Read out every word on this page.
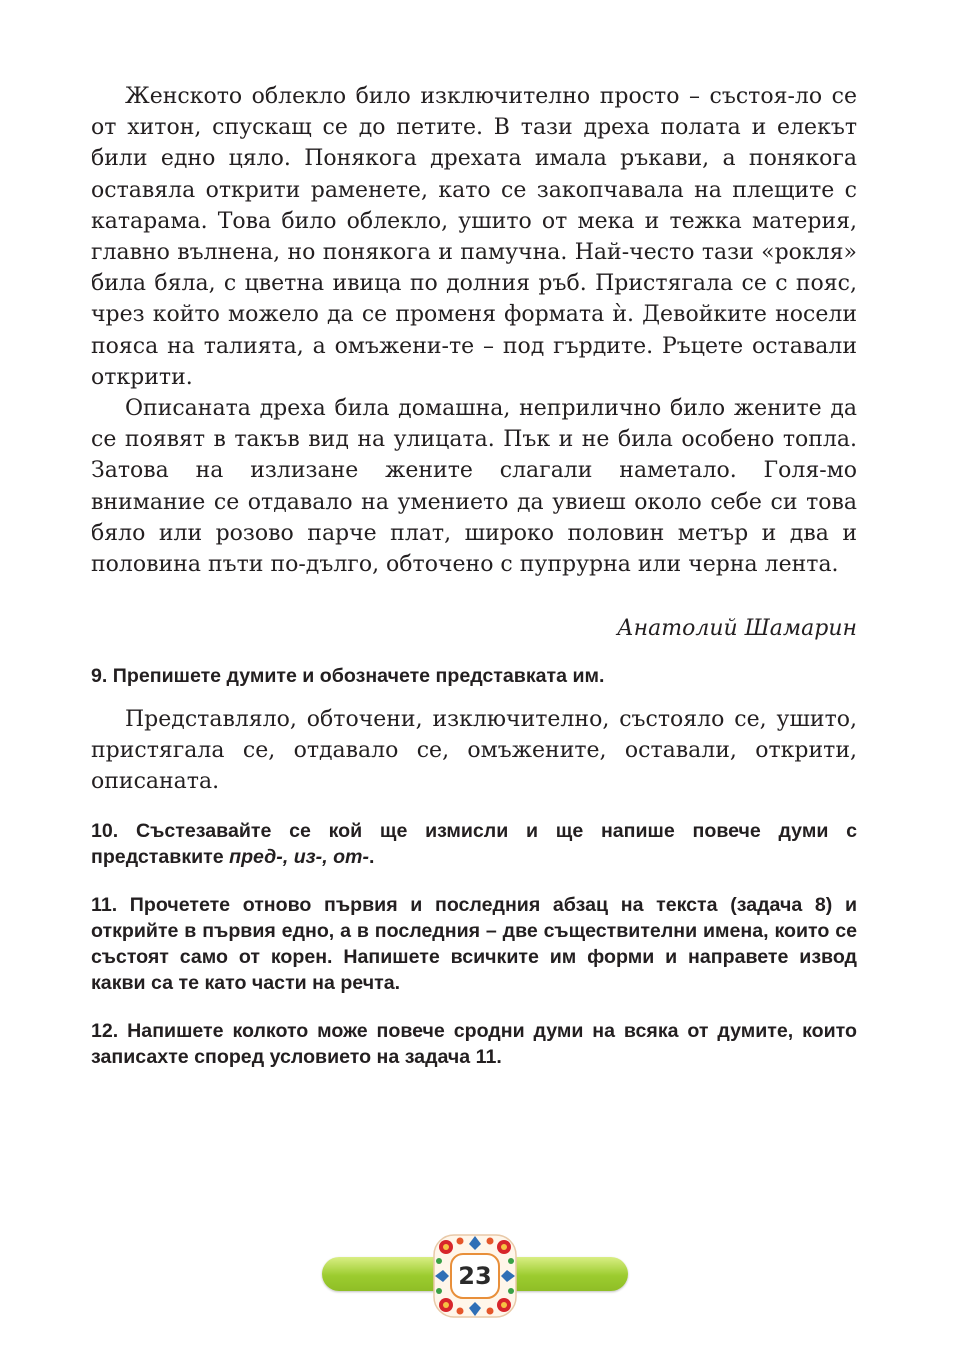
Женското облекло било изключително просто – състоя-ло се от хитон, спускащ се до петите. В тази дреха полата и елекът били едно цяло. Понякога дрехата имала ръкави, а понякога оставяла открити раменете, като се закопчавала на плещите с катарама. Това било облекло, ушито от мека и тежка материя, главно вълнена, но понякога и памучна. Най-често тази «рокля» била бяла, с цветна ивица по долния ръб. Пристягала се с пояс, чрез който можело да се променя формата ѝ. Девойките носели пояса на талията, а омъжени-те – под гърдите. Ръцете оставали открити.

Описаната дреха била домашна, неприлично било жените да се появят в такъв вид на улицата. Пък и не била особено топла. Затова на излизане жените слагали наметало. Голя-мо внимание се отдавало на умението да увиеш около себе си това бяло или розово парче плат, широко половин метър и два и половина пъти по-дълго, обточено с пупрурна или черна лента.

Анатолий Шамарин

9. Препишете думите и обозначете представката им.

Представляло, обточени, изключително, състояло се, ушито, пристягала се, отдавало се, омъжените, оставали, открити, описаната.

10. Състезавайте се кой ще измисли и ще напише повече думи с представките пред-, из-, от-.

11. Прочетете отново първия и последния абзац на текста (задача 8) и открийте в първия едно, а в последния – две съществителни имена, които се състоят само от корен. Напишете всичките им форми и направете извод какви са те като части на речта.

12. Напишете колкото може повече сродни думи на всяка от думите, които записахте според условието на задача 11.

23
